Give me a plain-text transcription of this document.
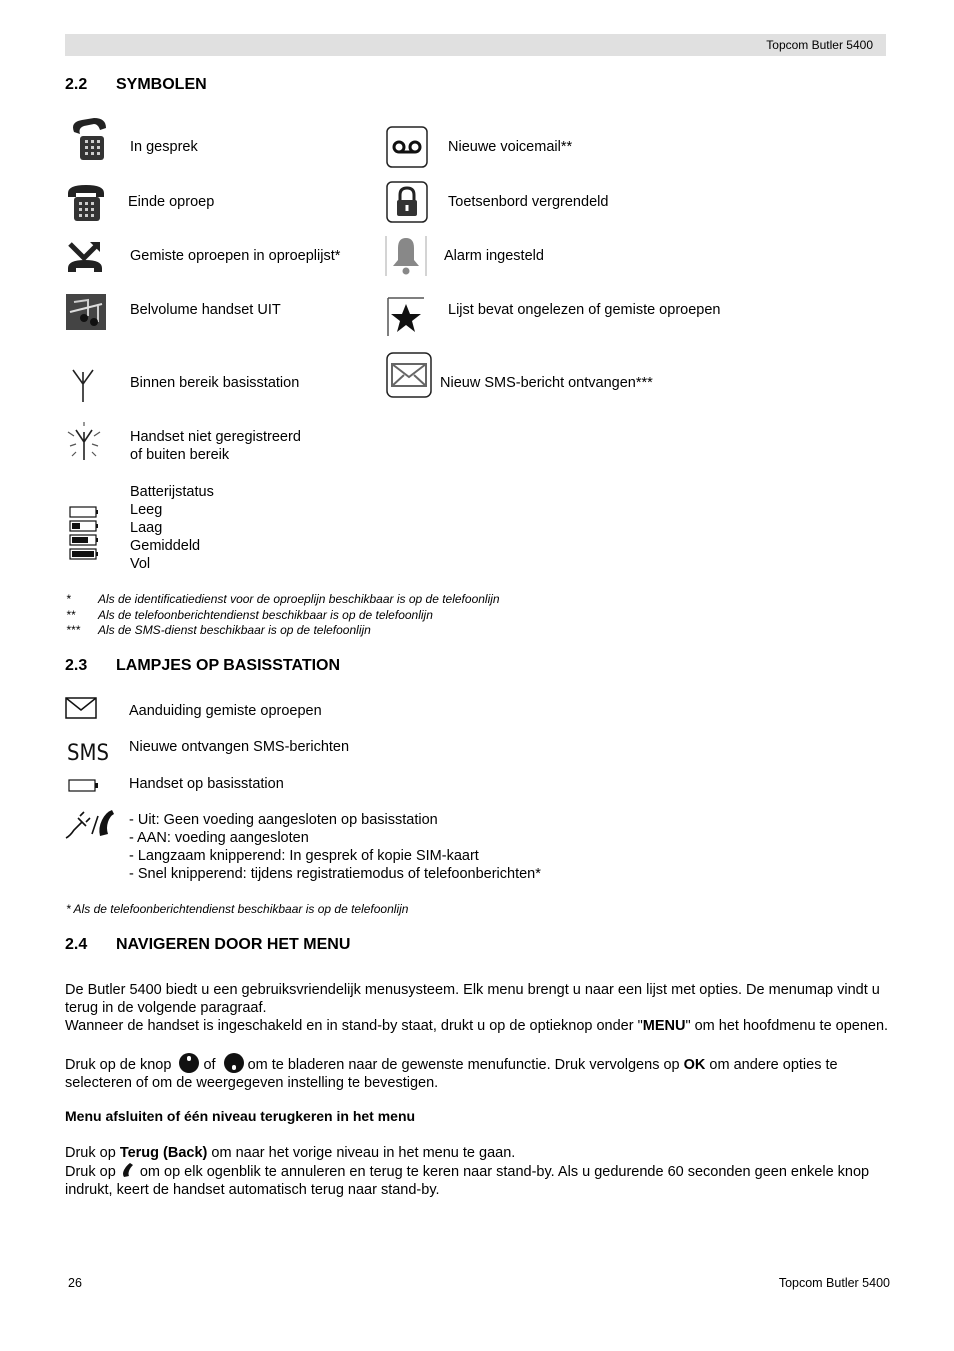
Topcom Butler 5400
2.2 SYMBOLEN
In gesprek
Einde oproep
Gemiste oproepen in oproeplijst*
Belvolume handset UIT
Binnen bereik basisstation
Handset niet geregistreerd
of buiten bereik
Nieuwe voicemail**
Toetsenbord vergrendeld
Alarm ingesteld
Lijst bevat ongelezen of gemiste oproepen
Nieuw SMS-bericht ontvangen***
Batterijstatus
Leeg
Laag
Gemiddeld
Vol
* Als de identificatiedienst voor de oproeplijn beschikbaar is op de telefoonlijn
** Als de telefoonberichtendienst beschikbaar is op de telefoonlijn
*** Als de SMS-dienst beschikbaar is op de telefoonlijn
2.3 LAMPJES OP BASISSTATION
Aanduiding gemiste oproepen
SMS Nieuwe ontvangen SMS-berichten
Handset op basisstation
- Uit: Geen voeding aangesloten op basisstation
- AAN: voeding aangesloten
- Langzaam knipperend: In gesprek of kopie SIM-kaart
- Snel knipperend: tijdens registratiemodus of telefoonberichten*
* Als de telefoonberichtendienst beschikbaar is op de telefoonlijn
2.4 NAVIGEREN DOOR HET MENU
De Butler 5400 biedt u een gebruiksvriendelijk menusysteem. Elk menu brengt u naar een lijst met opties. De menumap vindt u terug in de volgende paragraaf.
Wanneer de handset is ingeschakeld en in stand-by staat, drukt u op de optieknop onder "MENU" om het hoofdmenu te openen.
Druk op de knop of om te bladeren naar de gewenste menufunctie. Druk vervolgens op OK om andere opties te selecteren of om de weergegeven instelling te bevestigen.
Menu afsluiten of één niveau terugkeren in het menu
Druk op Terug (Back) om naar het vorige niveau in het menu te gaan.
Druk op om op elk ogenblik te annuleren en terug te keren naar stand-by. Als u gedurende 60 seconden geen enkele knop indrukt, keert de handset automatisch terug naar stand-by.
26	Topcom Butler 5400
